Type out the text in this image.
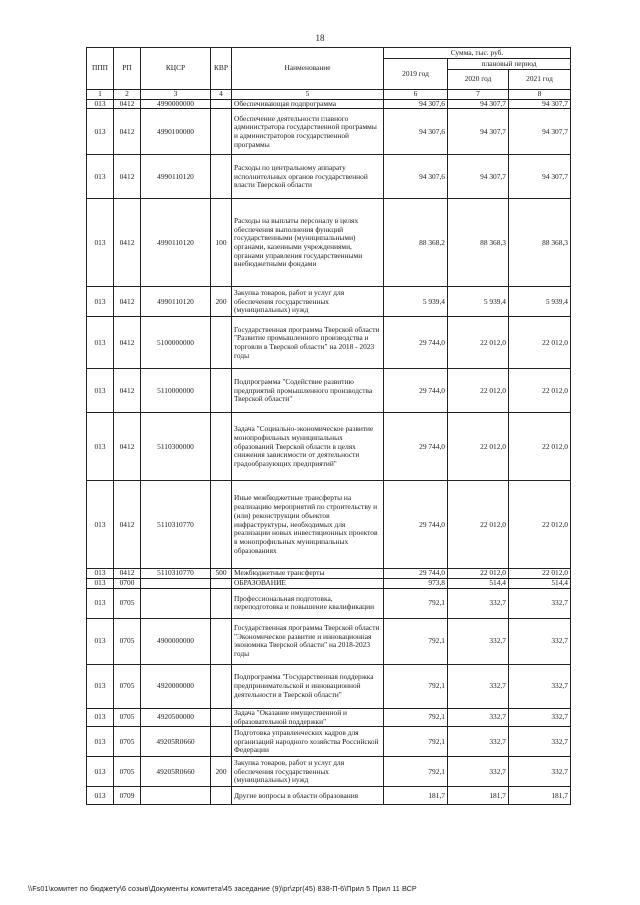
18
ППП	РП	КЦСР	КВР	Наименование	Сумма, тыс. руб.		
					2019 год	плановый период	
						2020 год	2021 год
1	2	3	4	5	6	7	8
013	0412	4990000000		Обеспечивающая подпрограмма	94 307,6	94 307,7	94 307,7
013	0412	4990100000		Обеспечение деятельности главного администратора государственной программы и администраторов государственной программы	94 307,6	94 307,7	94 307,7
013	0412	4990110120		Расходы по центральному аппарату исполнительных органов государственной власти Тверской области	94 307,6	94 307,7	94 307,7
013	0412	4990110120	100	Расходы на выплаты персоналу в целях обеспечения выполнения функций государственными (муниципальными) органами, казенными учреждениями, органами управления государственными внебюджетными фондами	88 368,2	88 368,3	88 368,3
013	0412	4990110120	200	Закупка товаров, работ и услуг для обеспечения государственных (муниципальных) нужд	5 939,4	5 939,4	5 939,4
013	0412	5100000000		Государственная программа Тверской области "Развитие промышленного производства и торговли в Тверской области" на 2018 - 2023 годы	29 744,0	22 012,0	22 012,0
013	0412	5110000000		Подпрограмма "Содействие развитию предприятий промышленного производства Тверской области"	29 744,0	22 012,0	22 012,0
013	0412	5110300000		Задача "Социально-экономическое развитие монопрофильных муниципальных образований Тверской области в целях снижения зависимости от деятельности градообразующих предприятий"	29 744,0	22 012,0	22 012,0
013	0412	5110310770		Иные межбюджетные трансферты на реализацию мероприятий по строительству и (или) реконструкции объектов инфраструктуры, необходимых для реализации новых инвестиционных проектов в монопрофильных муниципальных образованиях	29 744,0	22 012,0	22 012,0
013	0412	5110310770	500	Межбюджетные трансферты	29 744,0	22 012,0	22 012,0
013	0700			ОБРАЗОВАНИЕ	973,8	514,4	514,4
013	0705			Профессиональная подготовка, переподготовка и повышение квалификации	792,1	332,7	332,7
013	0705	4900000000		Государственная программа Тверской области "Экономическое развитие и инновационная экономика Тверской области" на 2018-2023 годы	792,1	332,7	332,7
013	0705	4920000000		Подпрограмма "Государственная поддержка предпринимательской и инновационной деятельности в Тверской области"	792,1	332,7	332,7
013	0705	4920500000		Задача "Оказание имущественной и образовательной поддержки"	792,1	332,7	332,7
013	0705	49205R0660		Подготовка управленческих кадров для организаций народного хозяйства Российской Федерации	792,1	332,7	332,7
013	0705	49205R0660	200	Закупка товаров, работ и услуг для обеспечения государственных (муниципальных) нужд	792,1	332,7	332,7
013	0709			Другие вопросы в области образования	181,7	181,7	181,7
\\Fs01\комитет по бюджету\6 созыв\Документы комитета\45 заседание (9)\pr\zpr(45) 838-П-6\Прил 5 Прил 11 ВСР
